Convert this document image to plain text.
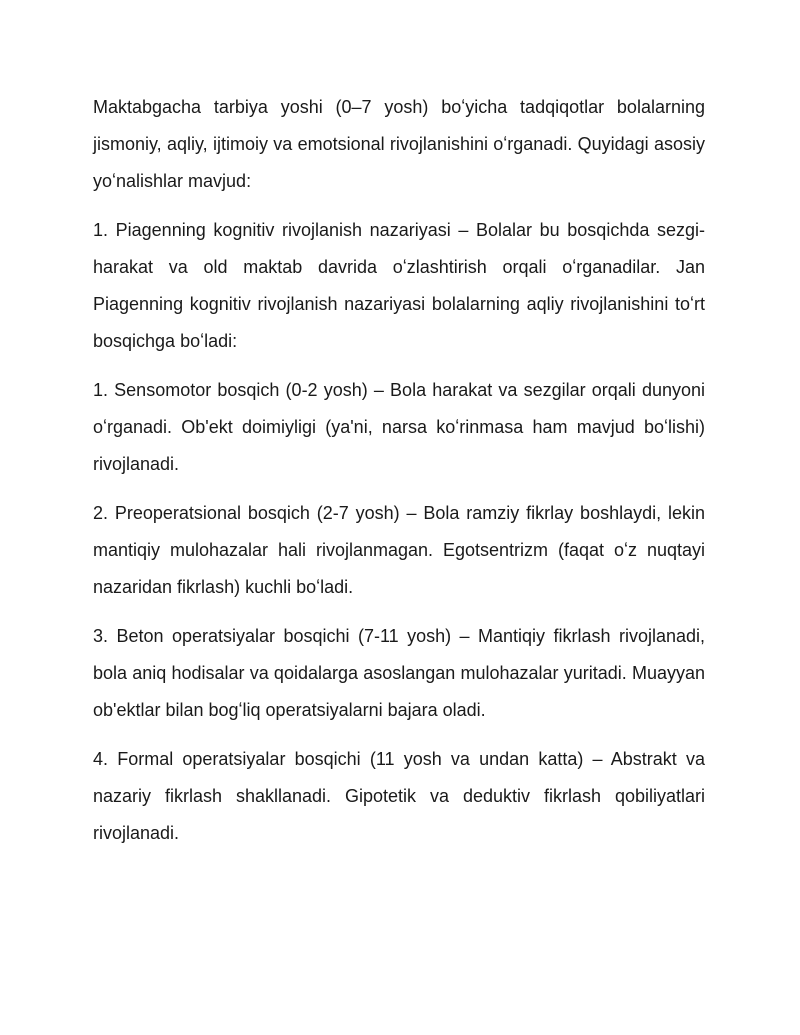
Maktabgacha tarbiya yoshi (0–7 yosh) boʻyicha tadqiqotlar bolalarning jismoniy, aqliy, ijtimoiy va emotsional rivojlanishini oʻrganadi. Quyidagi asosiy yoʻnalishlar mavjud:

1. Piagenning kognitiv rivojlanish nazariyasi – Bolalar bu bosqichda sezgi-harakat va old maktab davrida oʻzlashtirish orqali oʻrganadilar. Jan Piagenning kognitiv rivojlanish nazariyasi bolalarning aqliy rivojlanishini toʻrt bosqichga boʻladi:

1. Sensomotor bosqich (0-2 yosh) – Bola harakat va sezgilar orqali dunyoni oʻrganadi. Ob'ekt doimiyligi (ya'ni, narsa koʻrinmasa ham mavjud boʻlishi) rivojlanadi.

2. Preoperatsional bosqich (2-7 yosh) – Bola ramziy fikrlay boshlaydi, lekin mantiqiy mulohazalar hali rivojlanmagan. Egotsentrizm (faqat oʻz nuqtayi nazaridan fikrlash) kuchli boʻladi.

3. Beton operatsiyalar bosqichi (7-11 yosh) – Mantiqiy fikrlash rivojlanadi, bola aniq hodisalar va qoidalarga asoslangan mulohazalar yuritadi. Muayyan ob'ektlar bilan bogʻliq operatsiyalarni bajara oladi.

4. Formal operatsiyalar bosqichi (11 yosh va undan katta) – Abstrakt va nazariy fikrlash shakllanadi. Gipotetik va deduktiv fikrlash qobiliyatlari rivojlanadi.
